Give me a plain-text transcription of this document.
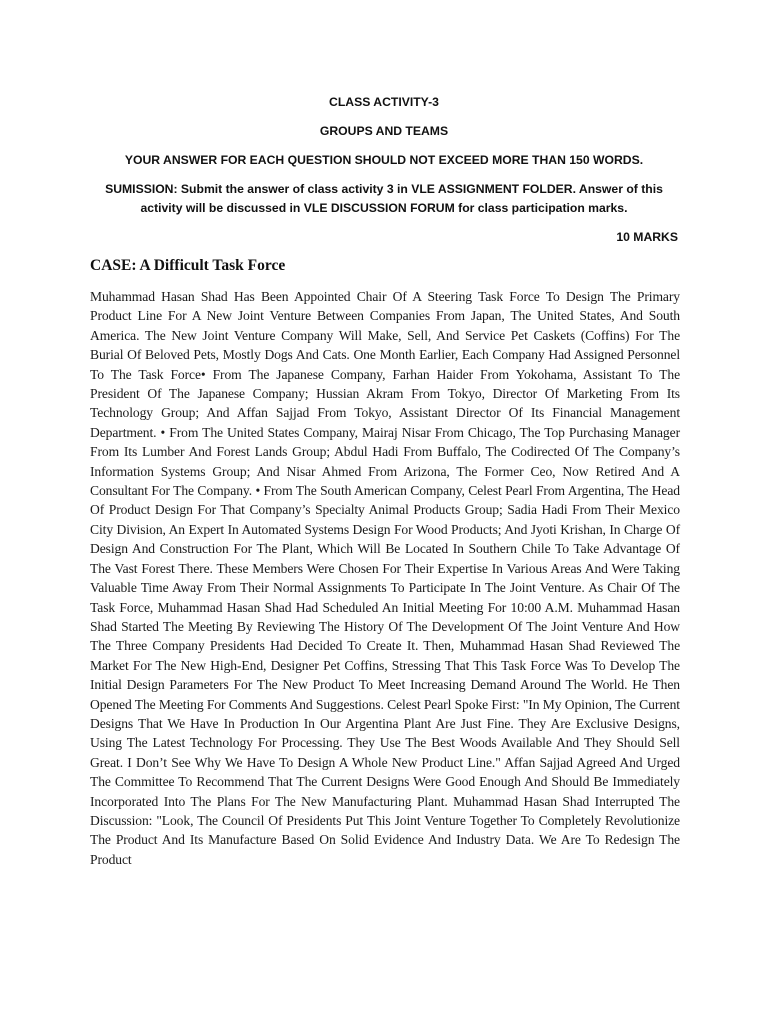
CLASS ACTIVITY-3
GROUPS AND TEAMS
YOUR ANSWER FOR EACH QUESTION SHOULD NOT EXCEED MORE THAN 150 WORDS.
SUMISSION: Submit the answer of class activity 3 in VLE ASSIGNMENT FOLDER. Answer of this activity will be discussed in VLE DISCUSSION FORUM for class participation marks.
10 MARKS
CASE: A Difficult Task Force

Muhammad Hasan Shad Has Been Appointed Chair Of A Steering Task Force To Design The Primary Product Line For A New Joint Venture Between Companies From Japan, The United States, And South America. The New Joint Venture Company Will Make, Sell, And Service Pet Caskets (Coffins) For The Burial Of Beloved Pets, Mostly Dogs And Cats. One Month Earlier, Each Company Had Assigned Personnel To The Task Force• From The Japanese Company, Farhan Haider From Yokohama, Assistant To The President Of The Japanese Company; Hussian Akram From Tokyo, Director Of Marketing From Its Technology Group; And Affan Sajjad From Tokyo, Assistant Director Of Its Financial Management Department. • From The United States Company, Mairaj Nisar From Chicago, The Top Purchasing Manager From Its Lumber And Forest Lands Group; Abdul Hadi From Buffalo, The Codirected Of The Company’s Information Systems Group; And Nisar Ahmed From Arizona, The Former Ceo, Now Retired And A Consultant For The Company. • From The South American Company, Celest Pearl From Argentina, The Head Of Product Design For That Company’s Specialty Animal Products Group; Sadia Hadi From Their Mexico City Division, An Expert In Automated Systems Design For Wood Products; And Jyoti Krishan, In Charge Of Design And Construction For The Plant, Which Will Be Located In Southern Chile To Take Advantage Of The Vast Forest There. These Members Were Chosen For Their Expertise In Various Areas And Were Taking Valuable Time Away From Their Normal Assignments To Participate In The Joint Venture. As Chair Of The Task Force, Muhammad Hasan Shad Had Scheduled An Initial Meeting For 10:00 A.M. Muhammad Hasan Shad Started The Meeting By Reviewing The History Of The Development Of The Joint Venture And How The Three Company Presidents Had Decided To Create It. Then, Muhammad Hasan Shad Reviewed The Market For The New High-End, Designer Pet Coffins, Stressing That This Task Force Was To Develop The Initial Design Parameters For The New Product To Meet Increasing Demand Around The World. He Then Opened The Meeting For Comments And Suggestions. Celest Pearl Spoke First: "In My Opinion, The Current Designs That We Have In Production In Our Argentina Plant Are Just Fine. They Are Exclusive Designs, Using The Latest Technology For Processing. They Use The Best Woods Available And They Should Sell Great. I Don’t See Why We Have To Design A Whole New Product Line." Affan Sajjad Agreed And Urged The Committee To Recommend That The Current Designs Were Good Enough And Should Be Immediately Incorporated Into The Plans For The New Manufacturing Plant. Muhammad Hasan Shad Interrupted The Discussion: "Look, The Council Of Presidents Put This Joint Venture Together To Completely Revolutionize The Product And Its Manufacture Based On Solid Evidence And Industry Data. We Are To Redesign The Product
